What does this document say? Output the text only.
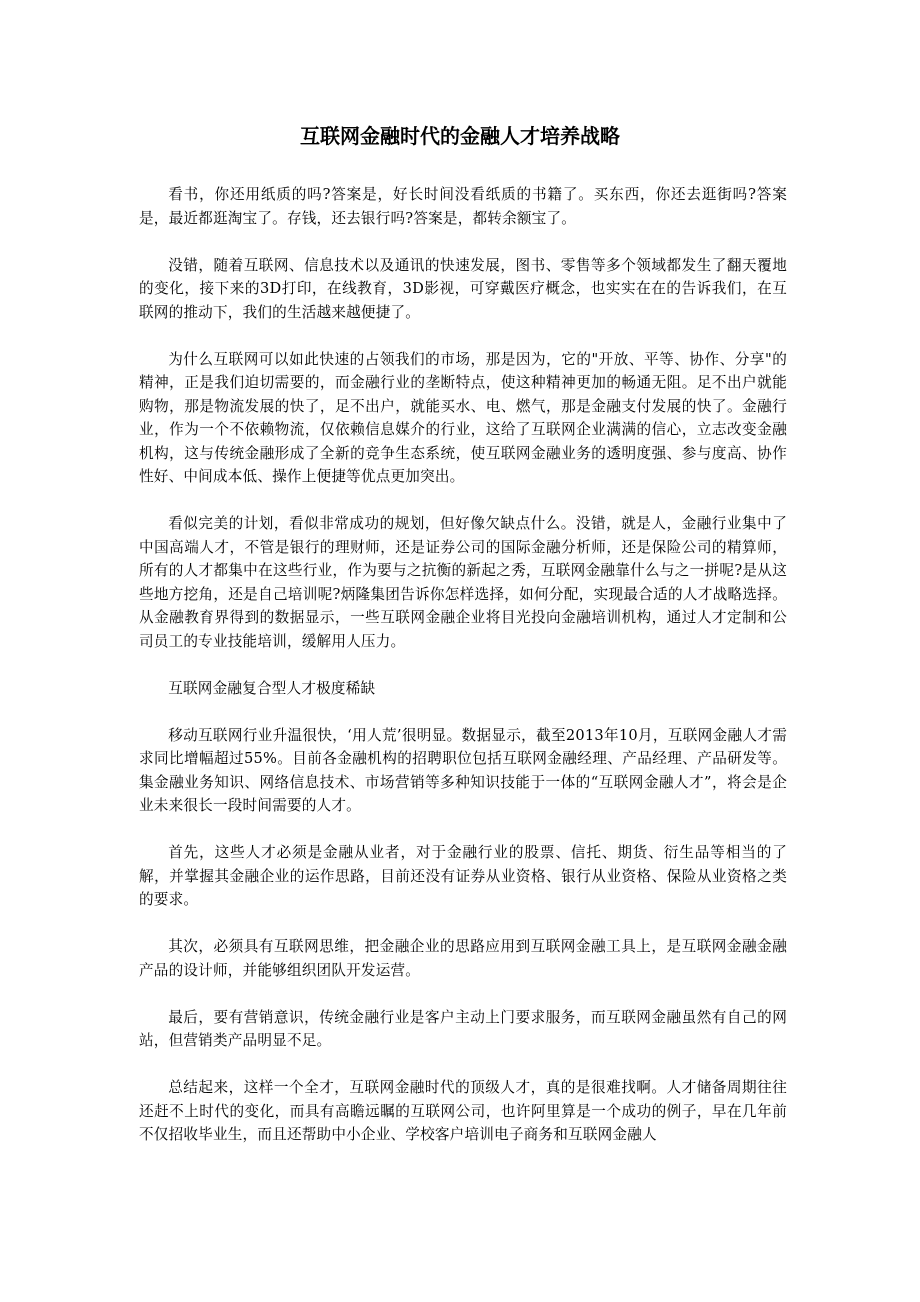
互联网金融时代的金融人才培养战略

看书，你还用纸质的吗?答案是，好长时间没看纸质的书籍了。买东西，你还去逛街吗?答案是，最近都逛淘宝了。存钱，还去银行吗?答案是，都转余额宝了。

没错，随着互联网、信息技术以及通讯的快速发展，图书、零售等多个领域都发生了翻天覆地的变化，接下来的3D打印，在线教育，3D影视，可穿戴医疗概念，也实实在在的告诉我们，在互联网的推动下，我们的生活越来越便捷了。

为什么互联网可以如此快速的占领我们的市场，那是因为，它的"开放、平等、协作、分享"的精神，正是我们迫切需要的，而金融行业的垄断特点，使这种精神更加的畅通无阻。足不出户就能购物，那是物流发展的快了，足不出户，就能买水、电、燃气，那是金融支付发展的快了。金融行业，作为一个不依赖物流，仅依赖信息媒介的行业，这给了互联网企业满满的信心，立志改变金融机构，这与传统金融形成了全新的竞争生态系统，使互联网金融业务的透明度强、参与度高、协作性好、中间成本低、操作上便捷等优点更加突出。

看似完美的计划，看似非常成功的规划，但好像欠缺点什么。没错，就是人，金融行业集中了中国高端人才，不管是银行的理财师，还是证券公司的国际金融分析师，还是保险公司的精算师，所有的人才都集中在这些行业，作为要与之抗衡的新起之秀，互联网金融靠什么与之一拼呢?是从这些地方挖角，还是自己培训呢?炳隆集团告诉你怎样选择，如何分配，实现最合适的人才战略选择。从金融教育界得到的数据显示，一些互联网金融企业将目光投向金融培训机构，通过人才定制和公司员工的专业技能培训，缓解用人压力。

互联网金融复合型人才极度稀缺

移动互联网行业升温很快，‘用人荒’很明显。数据显示，截至2013年10月，互联网金融人才需求同比增幅超过55%。目前各金融机构的招聘职位包括互联网金融经理、产品经理、产品研发等。集金融业务知识、网络信息技术、市场营销等多种知识技能于一体的“互联网金融人才”，将会是企业未来很长一段时间需要的人才。

首先，这些人才必须是金融从业者，对于金融行业的股票、信托、期货、衍生品等相当的了解，并掌握其金融企业的运作思路，目前还没有证券从业资格、银行从业资格、保险从业资格之类的要求。

其次，必须具有互联网思维，把金融企业的思路应用到互联网金融工具上，是互联网金融金融产品的设计师，并能够组织团队开发运营。

最后，要有营销意识，传统金融行业是客户主动上门要求服务，而互联网金融虽然有自己的网站，但营销类产品明显不足。

总结起来，这样一个全才，互联网金融时代的顶级人才，真的是很难找啊。人才储备周期往往还赶不上时代的变化，而具有高瞻远瞩的互联网公司，也许阿里算是一个成功的例子，早在几年前不仅招收毕业生，而且还帮助中小企业、学校客户培训电子商务和互联网金融人
